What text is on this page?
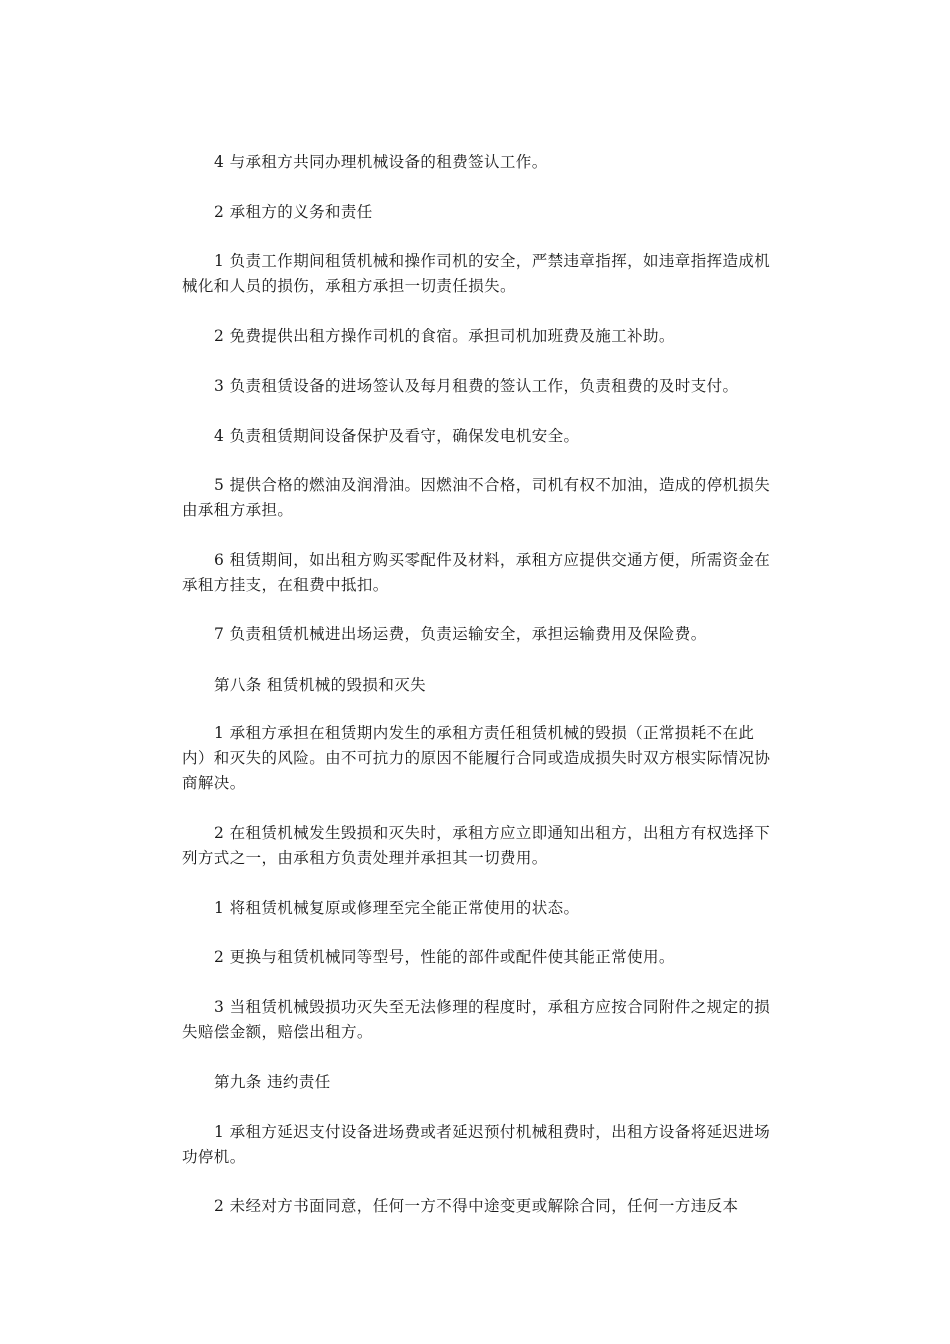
4 与承租方共同办理机械设备的租费签认工作。

2 承租方的义务和责任

1 负责工作期间租赁机械和操作司机的安全，严禁违章指挥，如违章指挥造成机械化和人员的损伤，承租方承担一切责任损失。

2 免费提供出租方操作司机的食宿。承担司机加班费及施工补助。

3 负责租赁设备的进场签认及每月租费的签认工作，负责租费的及时支付。

4 负责租赁期间设备保护及看守，确保发电机安全。

5 提供合格的燃油及润滑油。因燃油不合格，司机有权不加油，造成的停机损失由承租方承担。

6 租赁期间，如出租方购买零配件及材料，承租方应提供交通方便，所需资金在承租方挂支，在租费中抵扣。

7 负责租赁机械进出场运费，负责运输安全，承担运输费用及保险费。

第八条 租赁机械的毁损和灭失

1 承租方承担在租赁期内发生的承租方责任租赁机械的毁损（正常损耗不在此内）和灭失的风险。由不可抗力的原因不能履行合同或造成损失时双方根实际情况协商解决。

2 在租赁机械发生毁损和灭失时，承租方应立即通知出租方，出租方有权选择下列方式之一，由承租方负责处理并承担其一切费用。

1 将租赁机械复原或修理至完全能正常使用的状态。

2 更换与租赁机械同等型号，性能的部件或配件使其能正常使用。

3 当租赁机械毁损功灭失至无法修理的程度时，承租方应按合同附件之规定的损失赔偿金额，赔偿出租方。

第九条 违约责任

1 承租方延迟支付设备进场费或者延迟预付机械租费时，出租方设备将延迟进场功停机。

2 未经对方书面同意，任何一方不得中途变更或解除合同，任何一方违反本
